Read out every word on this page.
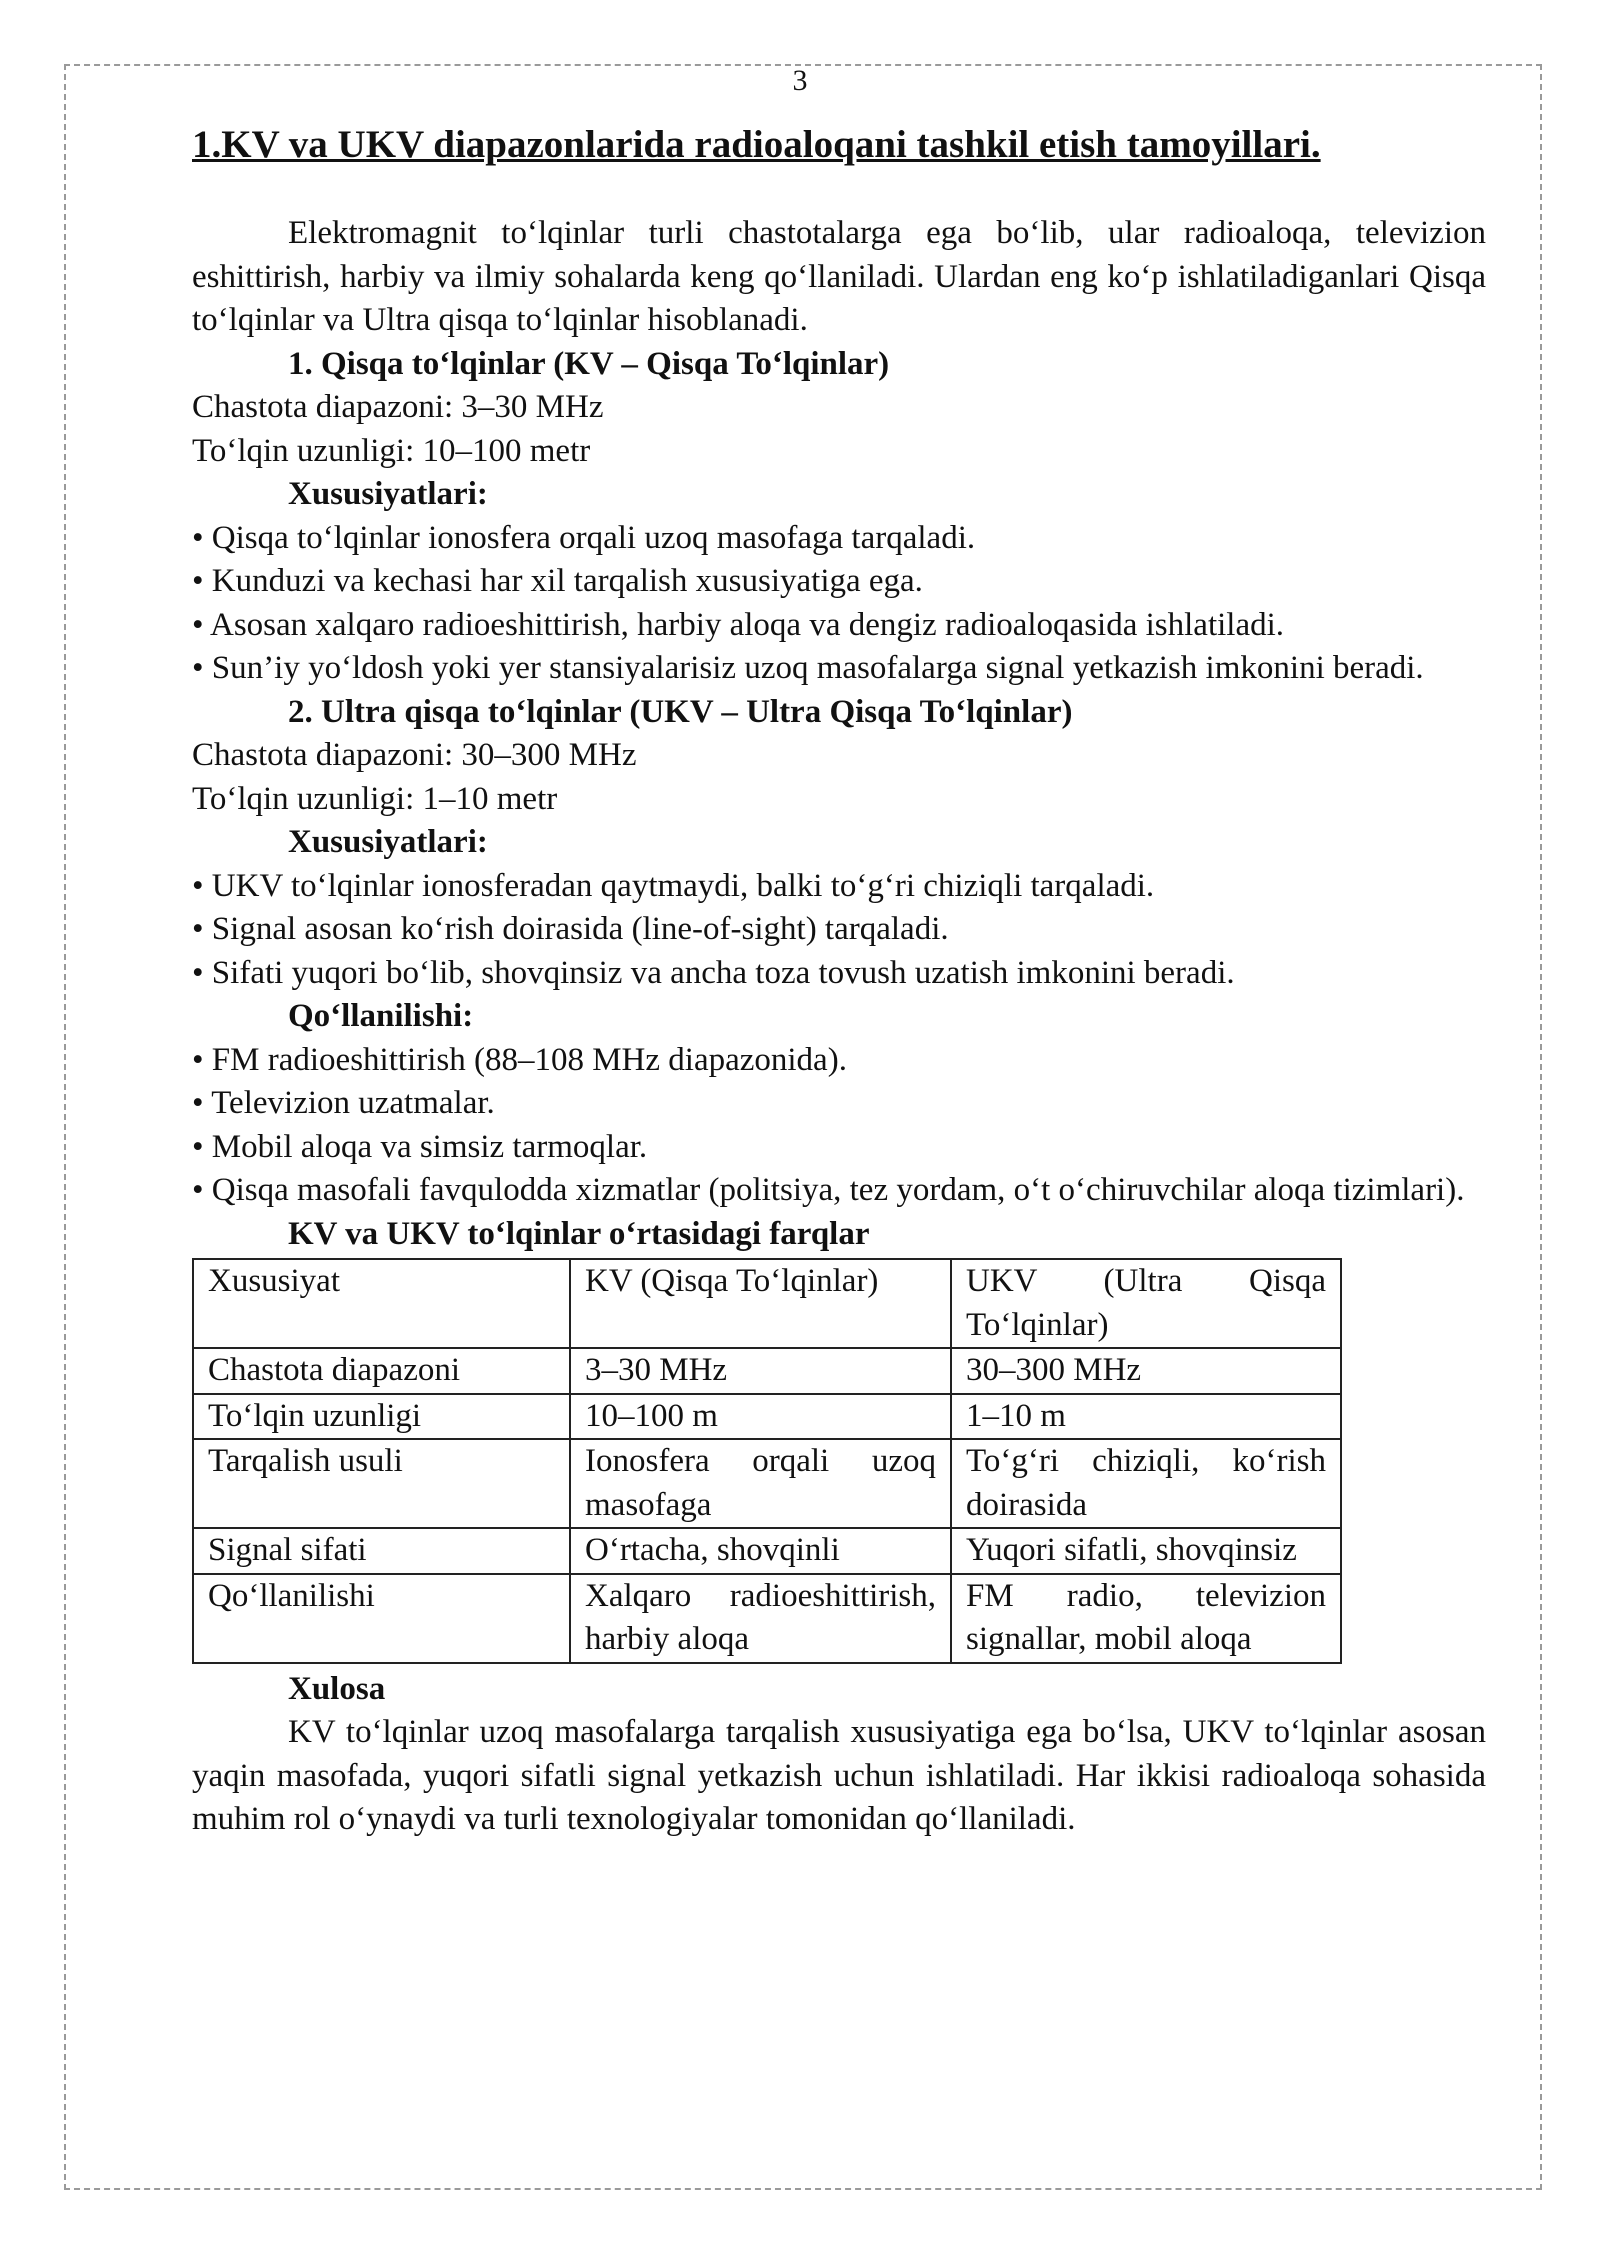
3
1.KV va UKV diapazonlarida radioaloqani tashkil etish tamoyillari.

Elektromagnit to‘lqinlar turli chastotalarga ega bo‘lib, ular radioaloqa, televizion eshittirish, harbiy va ilmiy sohalarda keng qo‘llaniladi. Ulardan eng ko‘p ishlatiladiganlari Qisqa to‘lqinlar va Ultra qisqa to‘lqinlar hisoblanadi.

1. Qisqa to‘lqinlar (KV – Qisqa To‘lqinlar)

Chastota diapazoni: 3–30 MHz

To‘lqin uzunligi: 10–100 metr

Xususiyatlari:

• Qisqa to‘lqinlar ionosfera orqali uzoq masofaga tarqaladi.

• Kunduzi va kechasi har xil tarqalish xususiyatiga ega.

• Asosan xalqaro radioeshittirish, harbiy aloqa va dengiz radioaloqasida ishlatiladi.

• Sun’iy yo‘ldosh yoki yer stansiyalarisiz uzoq masofalarga signal yetkazish imkonini beradi.

2. Ultra qisqa to‘lqinlar (UKV – Ultra Qisqa To‘lqinlar)

Chastota diapazoni: 30–300 MHz

To‘lqin uzunligi: 1–10 metr

Xususiyatlari:

• UKV to‘lqinlar ionosferadan qaytmaydi, balki to‘g‘ri chiziqli tarqaladi.

• Signal asosan ko‘rish doirasida (line-of-sight) tarqaladi.

• Sifati yuqori bo‘lib, shovqinsiz va ancha toza tovush uzatish imkonini beradi.

Qo‘llanilishi:

• FM radioeshittirish (88–108 MHz diapazonida).

• Televizion uzatmalar.

• Mobil aloqa va simsiz tarmoqlar.

• Qisqa masofali favqulodda xizmatlar (politsiya, tez yordam, o‘t o‘chiruvchilar aloqa tizimlari).

KV va UKV to‘lqinlar o‘rtasidagi farqlar

Xususiyat	KV (Qisqa To‘lqinlar)	UKV (Ultra Qisqa To‘lqinlar)
Chastota diapazoni	3–30 MHz	30–300 MHz
To‘lqin uzunligi	10–100 m	1–10 m
Tarqalish usuli	Ionosfera orqali uzoq masofaga	To‘g‘ri chiziqli, ko‘rish doirasida
Signal sifati	O‘rtacha, shovqinli	Yuqori sifatli, shovqinsiz
Qo‘llanilishi	Xalqaro radioeshittirish, harbiy aloqa	FM radio, televizion signallar, mobil aloqa

Xulosa

KV to‘lqinlar uzoq masofalarga tarqalish xususiyatiga ega bo‘lsa, UKV to‘lqinlar asosan yaqin masofada, yuqori sifatli signal yetkazish uchun ishlatiladi. Har ikkisi radioaloqa sohasida muhim rol o‘ynaydi va turli texnologiyalar tomonidan qo‘llaniladi.
